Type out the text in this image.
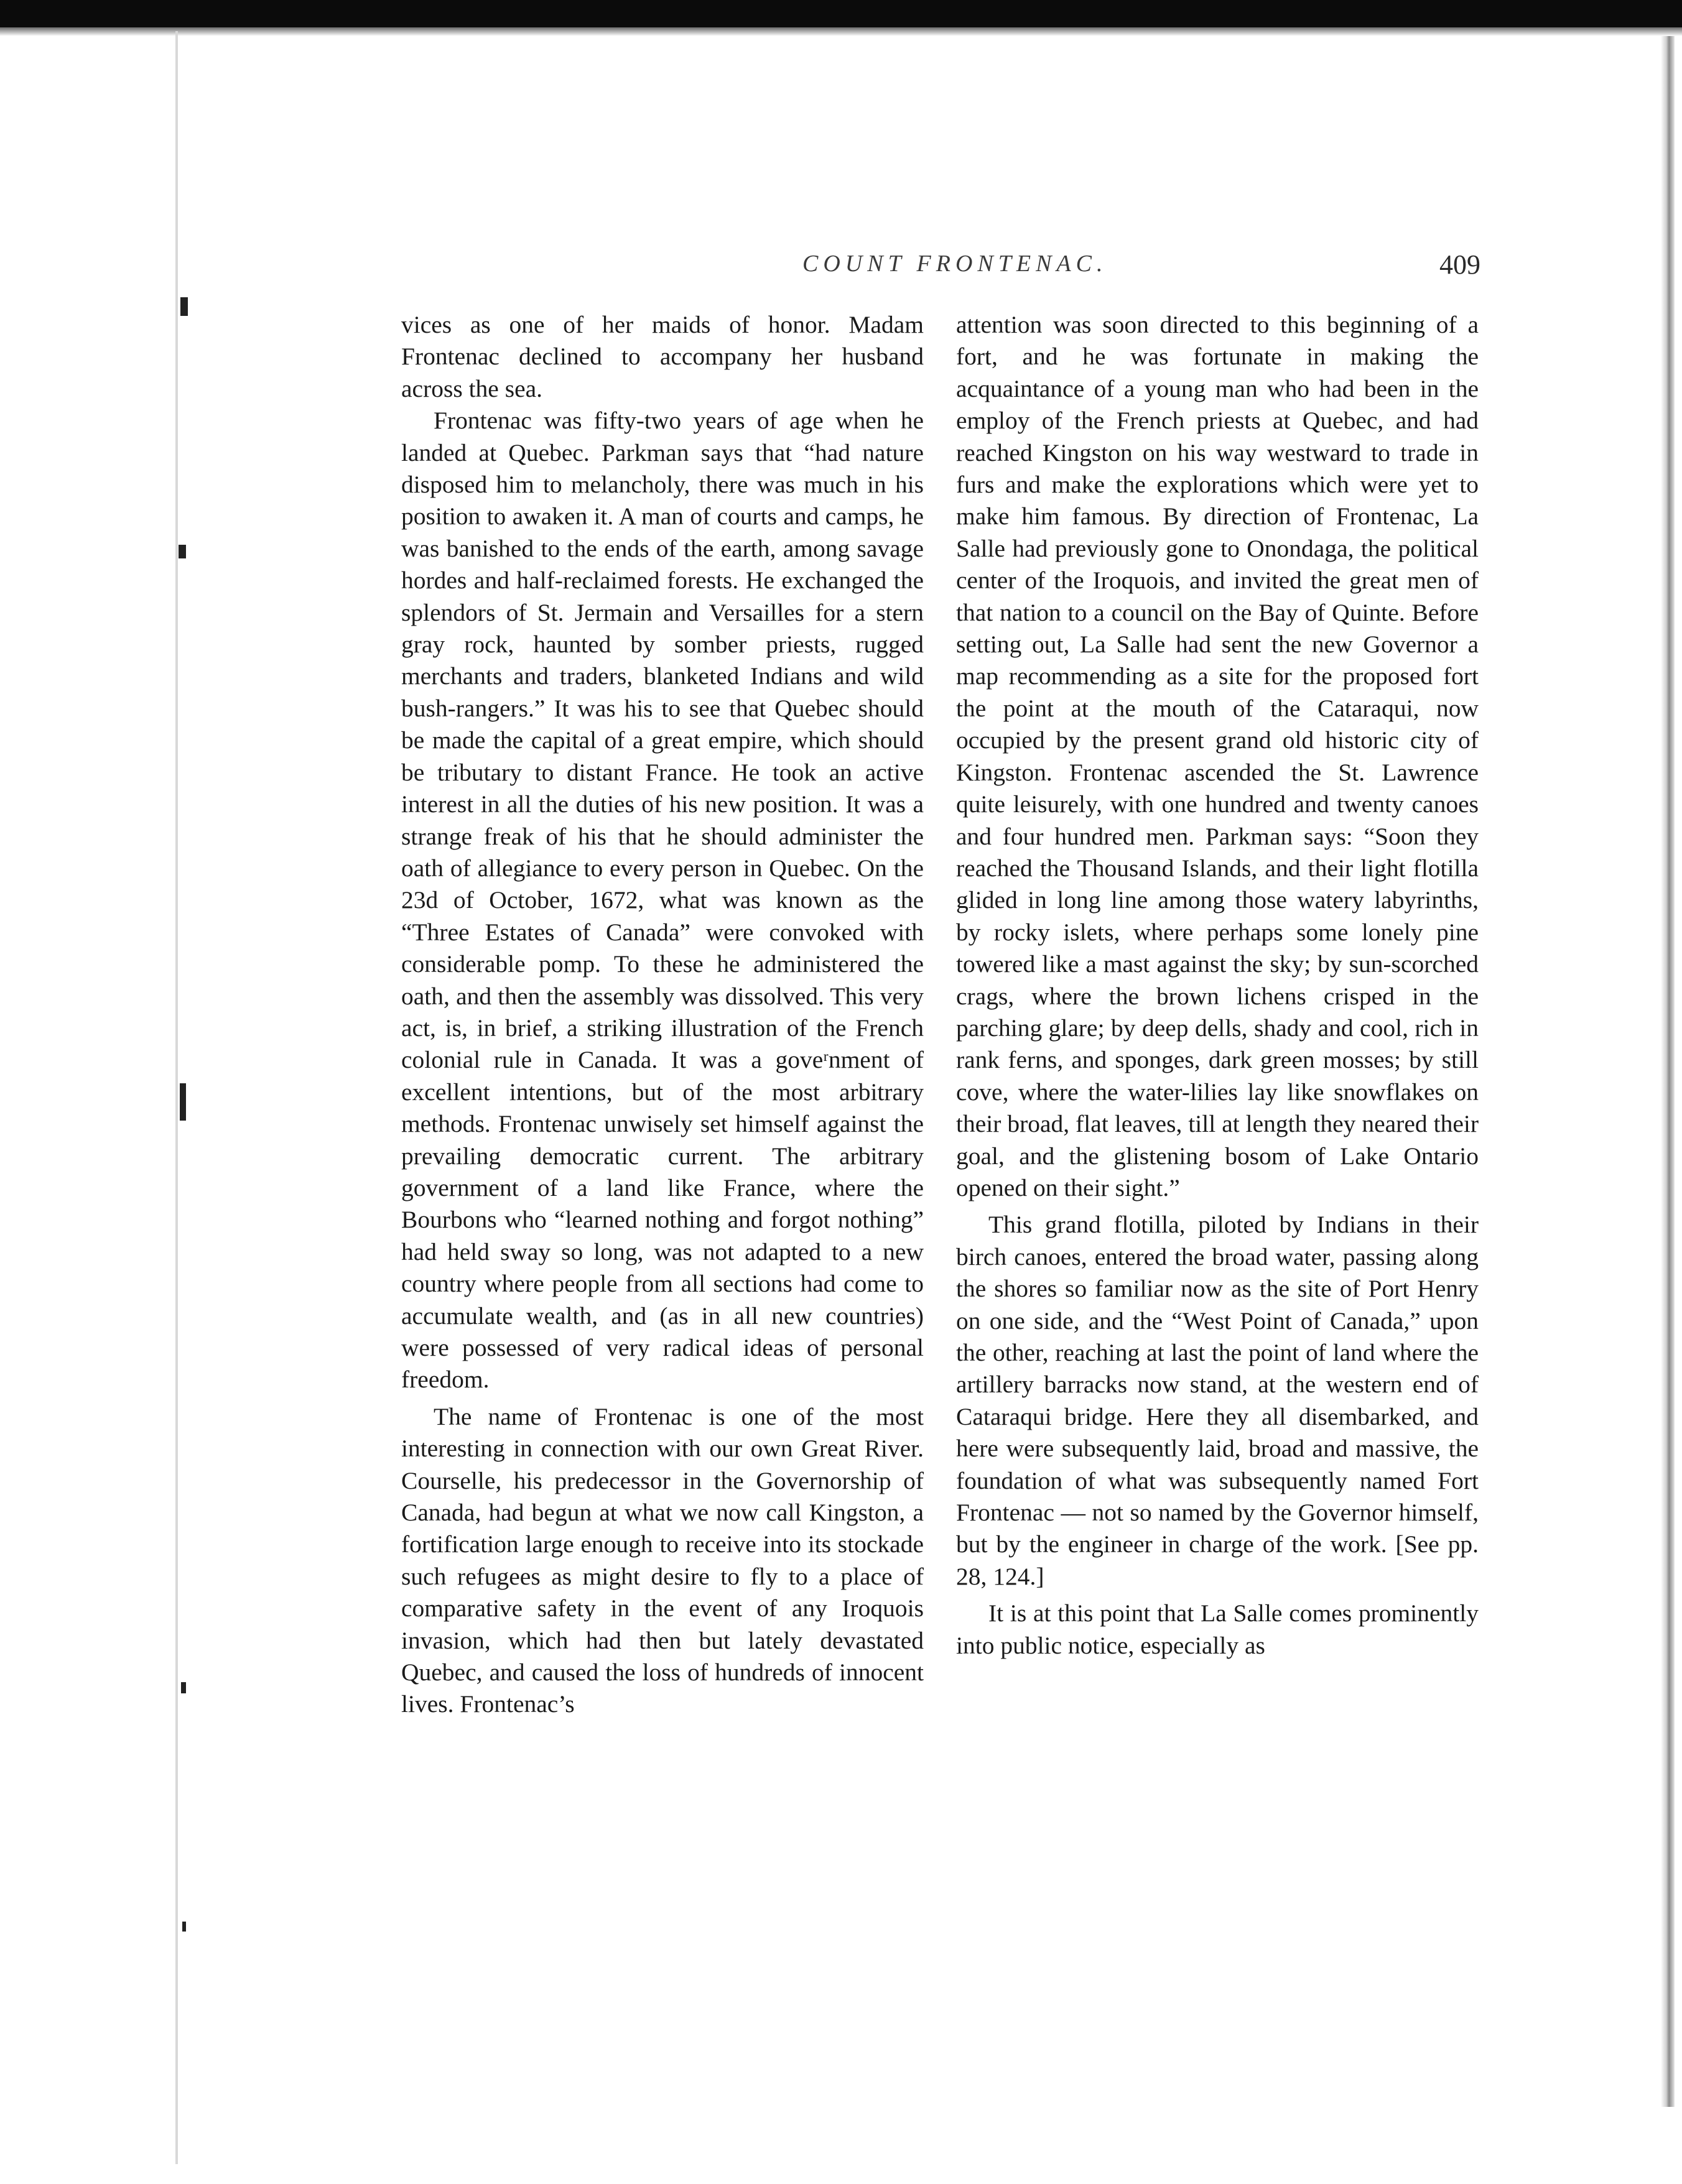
COUNT FRONTENAC.	409

vices as one of her maids of honor. Madam Frontenac declined to accompany her husband across the sea.

Frontenac was fifty-two years of age when he landed at Quebec. Parkman says that “had nature disposed him to melancholy, there was much in his position to awaken it. A man of courts and camps, he was banished to the ends of the earth, among savage hordes and half-reclaimed forests. He exchanged the splendors of St. Jermain and Versailles for a stern gray rock, haunted by somber priests, rugged merchants and traders, blanketed Indians and wild bush-rangers.” It was his to see that Quebec should be made the capital of a great empire, which should be tributary to distant France. He took an active interest in all the duties of his new position. It was a strange freak of his that he should administer the oath of allegiance to every person in Quebec. On the 23d of October, 1672, what was known as the “Three Estates of Canada” were convoked with considerable pomp. To these he administered the oath, and then the assembly was dissolved. This very act, is, in brief, a striking illustration of the French colonial rule in Canada. It was a goveʳnment of excellent intentions, but of the most arbitrary methods. Frontenac unwisely set himself against the prevailing democratic current. The arbitrary government of a land like France, where the Bourbons who “learned nothing and forgot nothing” had held sway so long, was not adapted to a new country where people from all sections had come to accumulate wealth, and (as in all new countries) were possessed of very radical ideas of personal freedom.

The name of Frontenac is one of the most interesting in connection with our own Great River. Courselle, his predecessor in the Governorship of Canada, had begun at what we now call Kingston, a fortification large enough to receive into its stockade such refugees as might desire to fly to a place of comparative safety in the event of any Iroquois invasion, which had then but lately devastated Quebec, and caused the loss of hundreds of innocent lives. Frontenac’s

attention was soon directed to this beginning of a fort, and he was fortunate in making the acquaintance of a young man who had been in the employ of the French priests at Quebec, and had reached Kingston on his way westward to trade in furs and make the explorations which were yet to make him famous. By direction of Frontenac, La Salle had previously gone to Onondaga, the political center of the Iroquois, and invited the great men of that nation to a council on the Bay of Quinte. Before setting out, La Salle had sent the new Governor a map recommending as a site for the proposed fort the point at the mouth of the Cataraqui, now occupied by the present grand old historic city of Kingston. Frontenac ascended the St. Lawrence quite leisurely, with one hundred and twenty canoes and four hundred men. Parkman says: “Soon they reached the Thousand Islands, and their light flotilla glided in long line among those watery labyrinths, by rocky islets, where perhaps some lonely pine towered like a mast against the sky; by sun-scorched crags, where the brown lichens crisped in the parching glare; by deep dells, shady and cool, rich in rank ferns, and sponges, dark green mosses; by still cove, where the water-lilies lay like snowflakes on their broad, flat leaves, till at length they neared their goal, and the glistening bosom of Lake Ontario opened on their sight.”

This grand flotilla, piloted by Indians in their birch canoes, entered the broad water, passing along the shores so familiar now as the site of Port Henry on one side, and the “West Point of Canada,” upon the other, reaching at last the point of land where the artillery barracks now stand, at the western end of Cataraqui bridge. Here they all disembarked, and here were subsequently laid, broad and massive, the foundation of what was subsequently named Fort Frontenac — not so named by the Governor himself, but by the engineer in charge of the work. [See pp. 28, 124.]

It is at this point that La Salle comes prominently into public notice, especially as
